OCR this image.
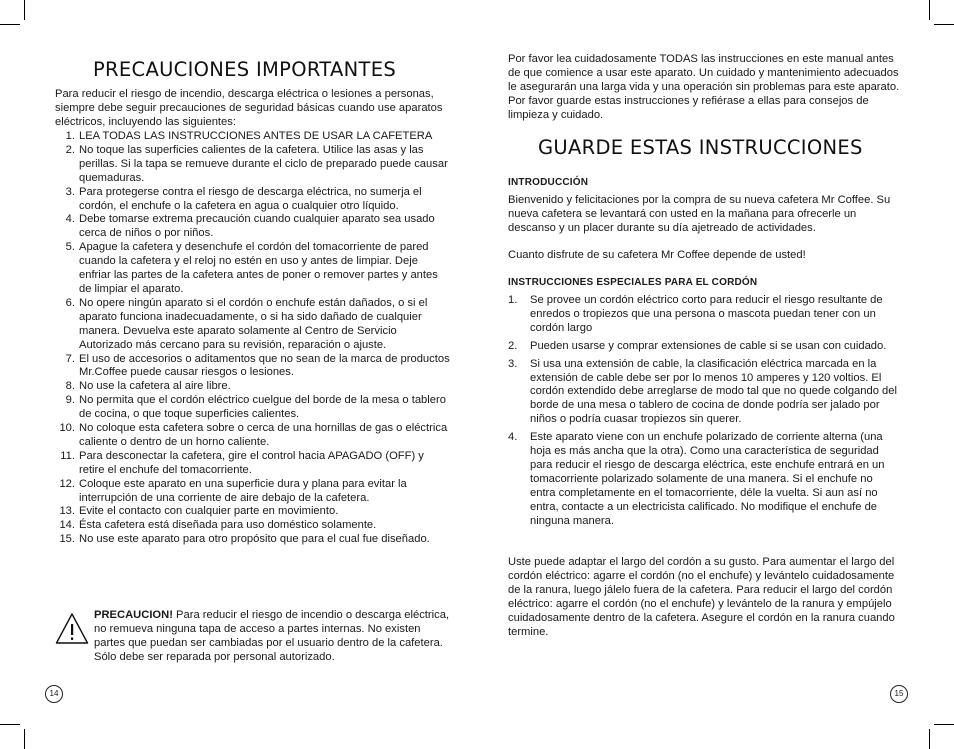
PRECAUCIONES IMPORTANTES

Para reducir el riesgo de incendio, descarga eléctrica o lesiones a personas, siempre debe seguir precauciones de seguridad básicas cuando use aparatos eléctricos, incluyendo las siguientes:

1. LEA TODAS LAS INSTRUCCIONES ANTES DE USAR LA CAFETERA
2. No toque las superficies calientes de la cafetera. Utilice las asas y las perillas. Si la tapa se remueve durante el ciclo de preparado puede causar quemaduras.
3. Para protegerse contra el riesgo de descarga eléctrica, no sumerja el cordón, el enchufe o la cafetera en agua o cualquier otro líquido.
4. Debe tomarse extrema precaución cuando cualquier aparato sea usado cerca de niños o por niños.
5. Apague la cafetera y desenchufe el cordón del tomacorriente de pared cuando la cafetera y el reloj no estén en uso y antes de limpiar. Deje enfriar las partes de la cafetera antes de poner o remover partes y antes de limpiar el aparato.
6. No opere ningún aparato si el cordón o enchufe están dañados, o si el aparato funciona inadecuadamente, o si ha sido dañado de cualquier manera. Devuelva este aparato solamente al Centro de Servicio Autorizado más cercano para su revisión, reparación o ajuste.
7. El uso de accesorios o aditamentos que no sean de la marca de productos Mr.Coffee puede causar riesgos o lesiones.
8. No use la cafetera al aire libre.
9. No permita que el cordón eléctrico cuelgue del borde de la mesa o tablero de cocina, o que toque superficies calientes.
10. No coloque esta cafetera sobre o cerca de una hornillas de gas o eléctrica caliente o dentro de un horno caliente.
11. Para desconectar la cafetera, gire el control hacia APAGADO (OFF) y retire el enchufe del tomacorriente.
12. Coloque este aparato en una superficie dura y plana para evitar la interrupción de una corriente de aire debajo de la cafetera.
13. Evite el contacto con cualquier parte en movimiento.
14. Ésta cafetera está diseñada para uso doméstico solamente.
15. No use este aparato para otro propósito que para el cual fue diseñado.

PRECAUCION! Para reducir el riesgo de incendio o descarga eléctrica, no remueva ninguna tapa de acceso a partes internas. No existen partes que puedan ser cambiadas por el usuario dentro de la cafetera. Sólo debe ser reparada por personal autorizado.

14

Por favor lea cuidadosamente TODAS las instrucciones en este manual antes de que comience a usar este aparato. Un cuidado y mantenimiento adecuados le asegurarán una larga vida y una operación sin problemas para este aparato. Por favor guarde estas instrucciones y refiérase a ellas para consejos de limpieza y cuidado.

GUARDE ESTAS INSTRUCCIONES
INTRODUCCIÓN

Bienvenido y felicitaciones por la compra de su nueva cafetera Mr Coffee. Su nueva cafetera se levantará con usted en la mañana para ofrecerle un descanso y un placer durante su día ajetreado de actividades.

Cuanto disfrute de su cafetera Mr Coffee depende de usted!

INSTRUCCIONES ESPECIALES PARA EL CORDÓN
1.	Se provee un cordón eléctrico corto para reducir el riesgo resultante de enredos o tropiezos que una persona o mascota puedan tener con un cordón largo
2.	Pueden usarse y comprar extensiones de cable si se usan con cuidado.
3.	Si usa una extensión de cable, la clasificación eléctrica marcada en la extensión de cable debe ser por lo menos 10 amperes y 120 voltios. El cordón extendido debe arreglarse de modo tal que no quede colgando del borde de una mesa o tablero de cocina de donde podría ser jalado por niños o podría cuasar tropiezos sin querer.
4.	Este aparato viene con un enchufe polarizado de corriente alterna (una hoja es más ancha que la otra). Como una característica de seguridad para reducir el riesgo de descarga eléctrica, este enchufe entrará en un tomacorriente polarizado solamente de una manera. Si el enchufe no entra completamente en el tomacorriente, déle la vuelta. Si aun así no entra, contacte a un electricista calificado. No modifique el enchufe de ninguna manera.

Uste puede adaptar el largo del cordón a su gusto. Para aumentar el largo del cordón eléctrico: agarre el cordón (no el enchufe) y levántelo cuidadosamente de la ranura, luego jálelo fuera de la cafetera. Para reducir el largo del cordón eléctrico: agarre el cordón (no el enchufe) y levántelo de la ranura y empújelo cuidadosamente dentro de la cafetera. Asegure el cordón en la ranura cuando termine.

15
